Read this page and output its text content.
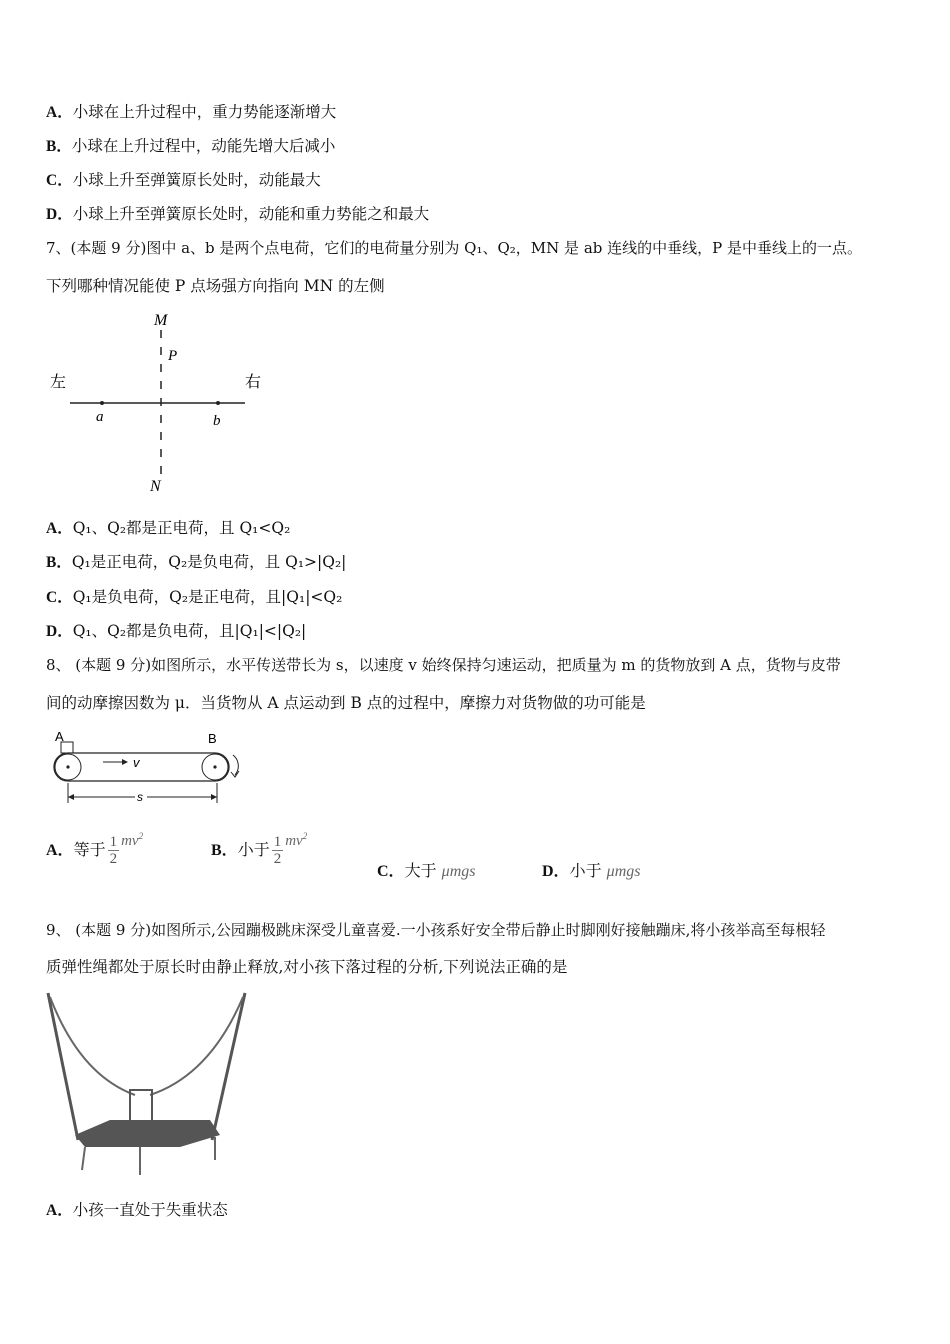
A．小球在上升过程中，重力势能逐渐增大
B．小球在上升过程中，动能先增大后减小
C．小球上升至弹簧原长处时，动能最大
D．小球上升至弹簧原长处时，动能和重力势能之和最大
7、(本题 9 分)图中 a、b 是两个点电荷，它们的电荷量分别为 Q₁、Q₂，MN 是 ab 连线的中垂线，P 是中垂线上的一点。
下列哪种情况能使 P 点场强方向指向 MN 的左侧
M
P
左	右
a	b
N
A．Q₁、Q₂都是正电荷，且 Q₁<Q₂
B．Q₁是正电荷，Q₂是负电荷，且 Q₁>|Q₂|
C．Q₁是负电荷，Q₂是正电荷，且|Q₁|<Q₂
D．Q₁、Q₂都是负电荷，且|Q₁|<|Q₂|
8、 (本题 9 分)如图所示，水平传送带长为 s，以速度 v 始终保持匀速运动，把质量为 m 的货物放到 A 点，货物与皮带
间的动摩擦因数为 μ．当货物从 A 点运动到 B 点的过程中，摩擦力对货物做的功可能是
A	B
v
s
A．等于 $\frac{1}{2} mv^2$
B．小于 $\frac{1}{2} mv^2$
C．大于 μmgs	D．小于 μmgs
9、 (本题 9 分)如图所示,公园蹦极跳床深受儿童喜爱.一小孩系好安全带后静止时脚刚好接触蹦床,将小孩举高至每根轻
质弹性绳都处于原长时由静止释放,对小孩下落过程的分析,下列说法正确的是
A．小孩一直处于失重状态
